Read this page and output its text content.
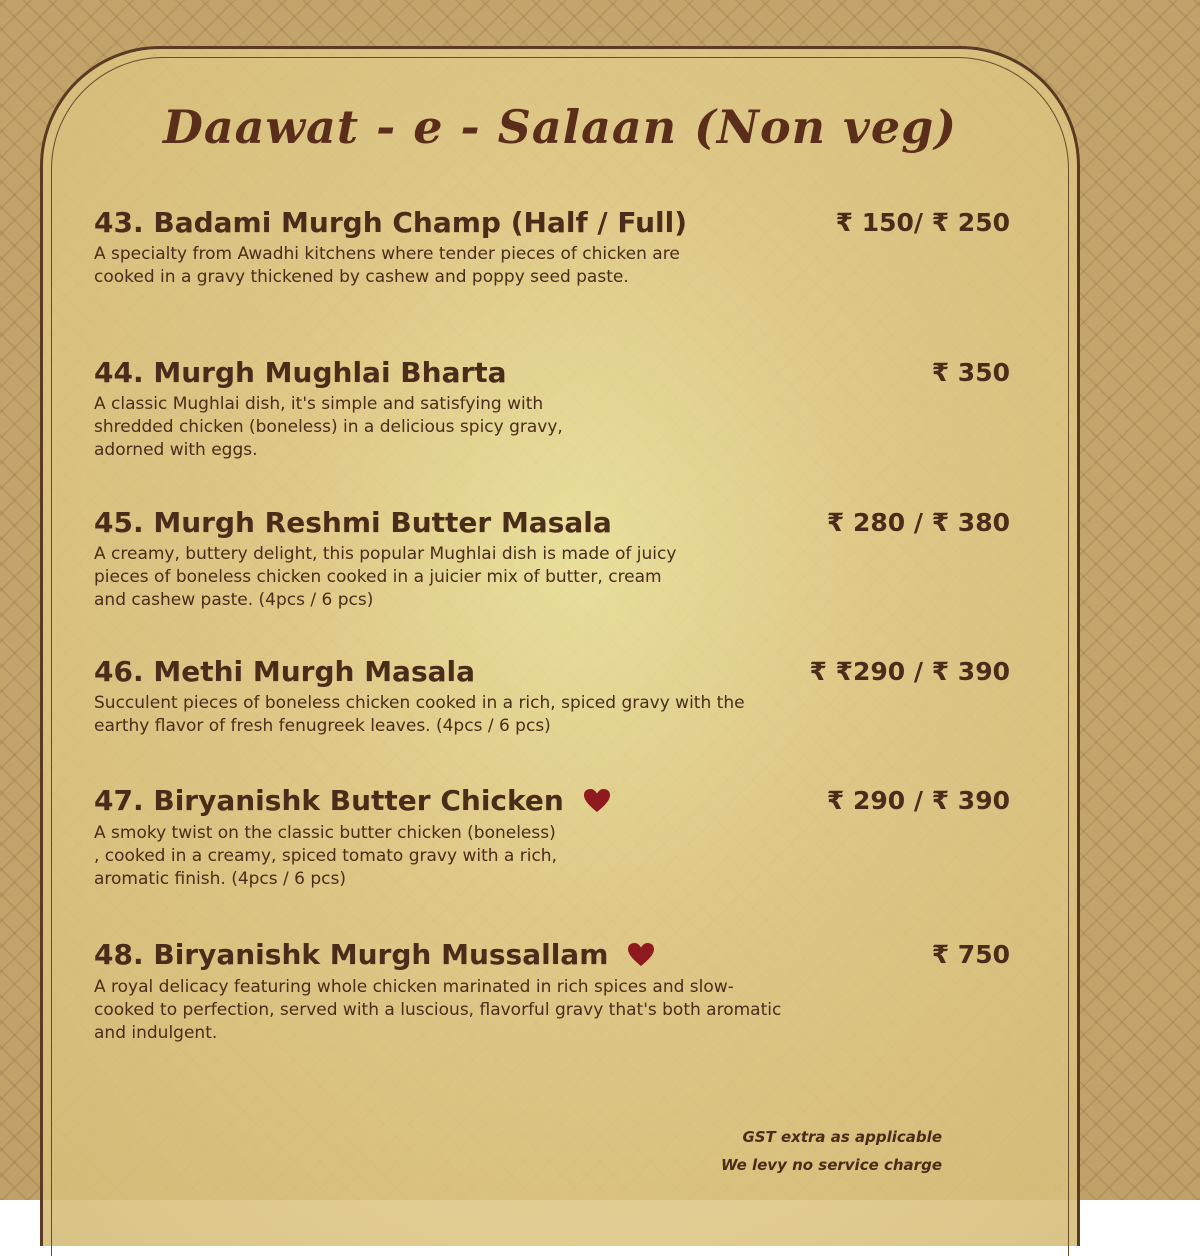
Daawat - e - Salaan (Non veg)
43. Badami Murgh Champ (Half / Full)	₹ 150/ ₹ 250
A specialty from Awadhi kitchens where tender pieces of chicken are cooked in a gravy thickened by cashew and poppy seed paste.
44. Murgh Mughlai Bharta	₹ 350
A classic Mughlai dish, it's simple and satisfying with shredded chicken (boneless) in a delicious spicy gravy, adorned with eggs.
45. Murgh Reshmi Butter Masala	₹ 280 / ₹ 380
A creamy, buttery delight, this popular Mughlai dish is made of juicy pieces of boneless chicken cooked in a juicier mix of butter, cream and cashew paste. (4pcs / 6 pcs)
46. Methi Murgh Masala	₹ ₹290 / ₹ 390
Succulent pieces of boneless chicken cooked in a rich, spiced gravy with the earthy flavor of fresh fenugreek leaves. (4pcs / 6 pcs)
47. Biryanishk Butter Chicken	₹ 290 / ₹ 390
A smoky twist on the classic butter chicken (boneless) , cooked in a creamy, spiced tomato gravy with a rich, aromatic finish. (4pcs / 6 pcs)
48. Biryanishk Murgh Mussallam	₹ 750
A royal delicacy featuring whole chicken marinated in rich spices and slow-cooked to perfection, served with a luscious, flavorful gravy that's both aromatic and indulgent.
GST extra as applicable
We levy no service charge
